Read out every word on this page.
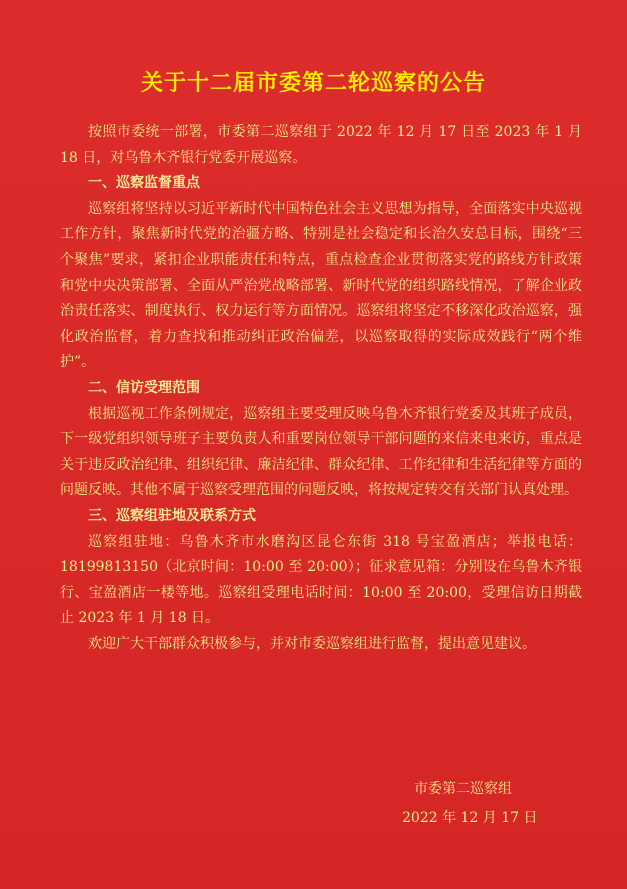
关于十二届市委第二轮巡察的公告

按照市委统一部署，市委第二巡察组于 2022 年 12 月 17 日至 2023 年 1 月 18 日，对乌鲁木齐银行党委开展巡察。

一、巡察监督重点

巡察组将坚持以习近平新时代中国特色社会主义思想为指导，全面落实中央巡视工作方针，聚焦新时代党的治疆方略、特别是社会稳定和长治久安总目标，围绕“三个聚焦”要求，紧扣企业职能责任和特点，重点检查企业贯彻落实党的路线方针政策和党中央决策部署、全面从严治党战略部署、新时代党的组织路线情况，了解企业政治责任落实、制度执行、权力运行等方面情况。巡察组将坚定不移深化政治巡察，强化政治监督，着力查找和推动纠正政治偏差，以巡察取得的实际成效践行“两个维护”。

二、信访受理范围

根据巡视工作条例规定，巡察组主要受理反映乌鲁木齐银行党委及其班子成员，下一级党组织领导班子主要负责人和重要岗位领导干部问题的来信来电来访，重点是关于违反政治纪律、组织纪律、廉洁纪律、群众纪律、工作纪律和生活纪律等方面的问题反映。其他不属于巡察受理范围的问题反映，将按规定转交有关部门认真处理。

三、巡察组驻地及联系方式

巡察组驻地：乌鲁木齐市水磨沟区昆仑东街 318 号宝盈酒店；举报电话：18199813150（北京时间：10:00 至 20:00）；征求意见箱：分别设在乌鲁木齐银行、宝盈酒店一楼等地。巡察组受理电话时间：10:00 至 20:00，受理信访日期截止 2023 年 1 月 18 日。

欢迎广大干部群众积极参与，并对市委巡察组进行监督，提出意见建议。

市委第二巡察组
2022 年 12 月 17 日
